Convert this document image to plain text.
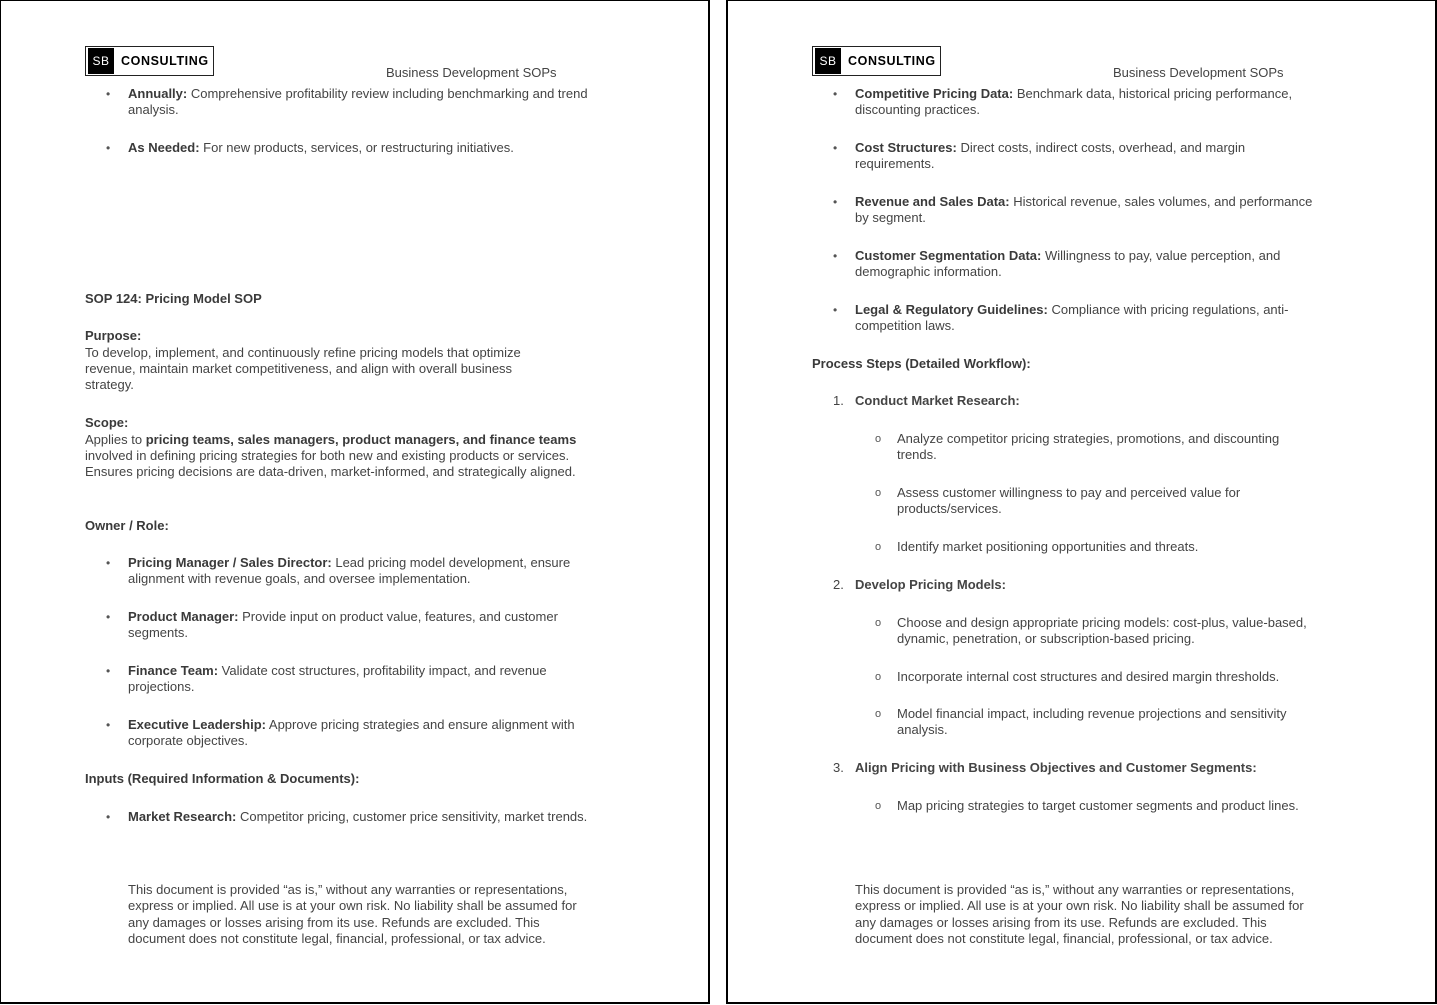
SB CONSULTING
Business Development SOPs
• Annually: Comprehensive profitability review including benchmarking and trend analysis.
• As Needed: For new products, services, or restructuring initiatives.
SOP 124: Pricing Model SOP
Purpose:
To develop, implement, and continuously refine pricing models that optimize revenue, maintain market competitiveness, and align with overall business strategy.
Scope:
Applies to pricing teams, sales managers, product managers, and finance teams involved in defining pricing strategies for both new and existing products or services. Ensures pricing decisions are data-driven, market-informed, and strategically aligned.
Owner / Role:
• Pricing Manager / Sales Director: Lead pricing model development, ensure alignment with revenue goals, and oversee implementation.
• Product Manager: Provide input on product value, features, and customer segments.
• Finance Team: Validate cost structures, profitability impact, and revenue projections.
• Executive Leadership: Approve pricing strategies and ensure alignment with corporate objectives.
Inputs (Required Information & Documents):
• Market Research: Competitor pricing, customer price sensitivity, market trends.
This document is provided “as is,” without any warranties or representations, express or implied. All use is at your own risk. No liability shall be assumed for any damages or losses arising from its use. Refunds are excluded. This document does not constitute legal, financial, professional, or tax advice.
SB CONSULTING
Business Development SOPs
• Competitive Pricing Data: Benchmark data, historical pricing performance, discounting practices.
• Cost Structures: Direct costs, indirect costs, overhead, and margin requirements.
• Revenue and Sales Data: Historical revenue, sales volumes, and performance by segment.
• Customer Segmentation Data: Willingness to pay, value perception, and demographic information.
• Legal & Regulatory Guidelines: Compliance with pricing regulations, anti-competition laws.
Process Steps (Detailed Workflow):
1. Conduct Market Research:
o Analyze competitor pricing strategies, promotions, and discounting trends.
o Assess customer willingness to pay and perceived value for products/services.
o Identify market positioning opportunities and threats.
2. Develop Pricing Models:
o Choose and design appropriate pricing models: cost-plus, value-based, dynamic, penetration, or subscription-based pricing.
o Incorporate internal cost structures and desired margin thresholds.
o Model financial impact, including revenue projections and sensitivity analysis.
3. Align Pricing with Business Objectives and Customer Segments:
o Map pricing strategies to target customer segments and product lines.
This document is provided “as is,” without any warranties or representations, express or implied. All use is at your own risk. No liability shall be assumed for any damages or losses arising from its use. Refunds are excluded. This document does not constitute legal, financial, professional, or tax advice.
